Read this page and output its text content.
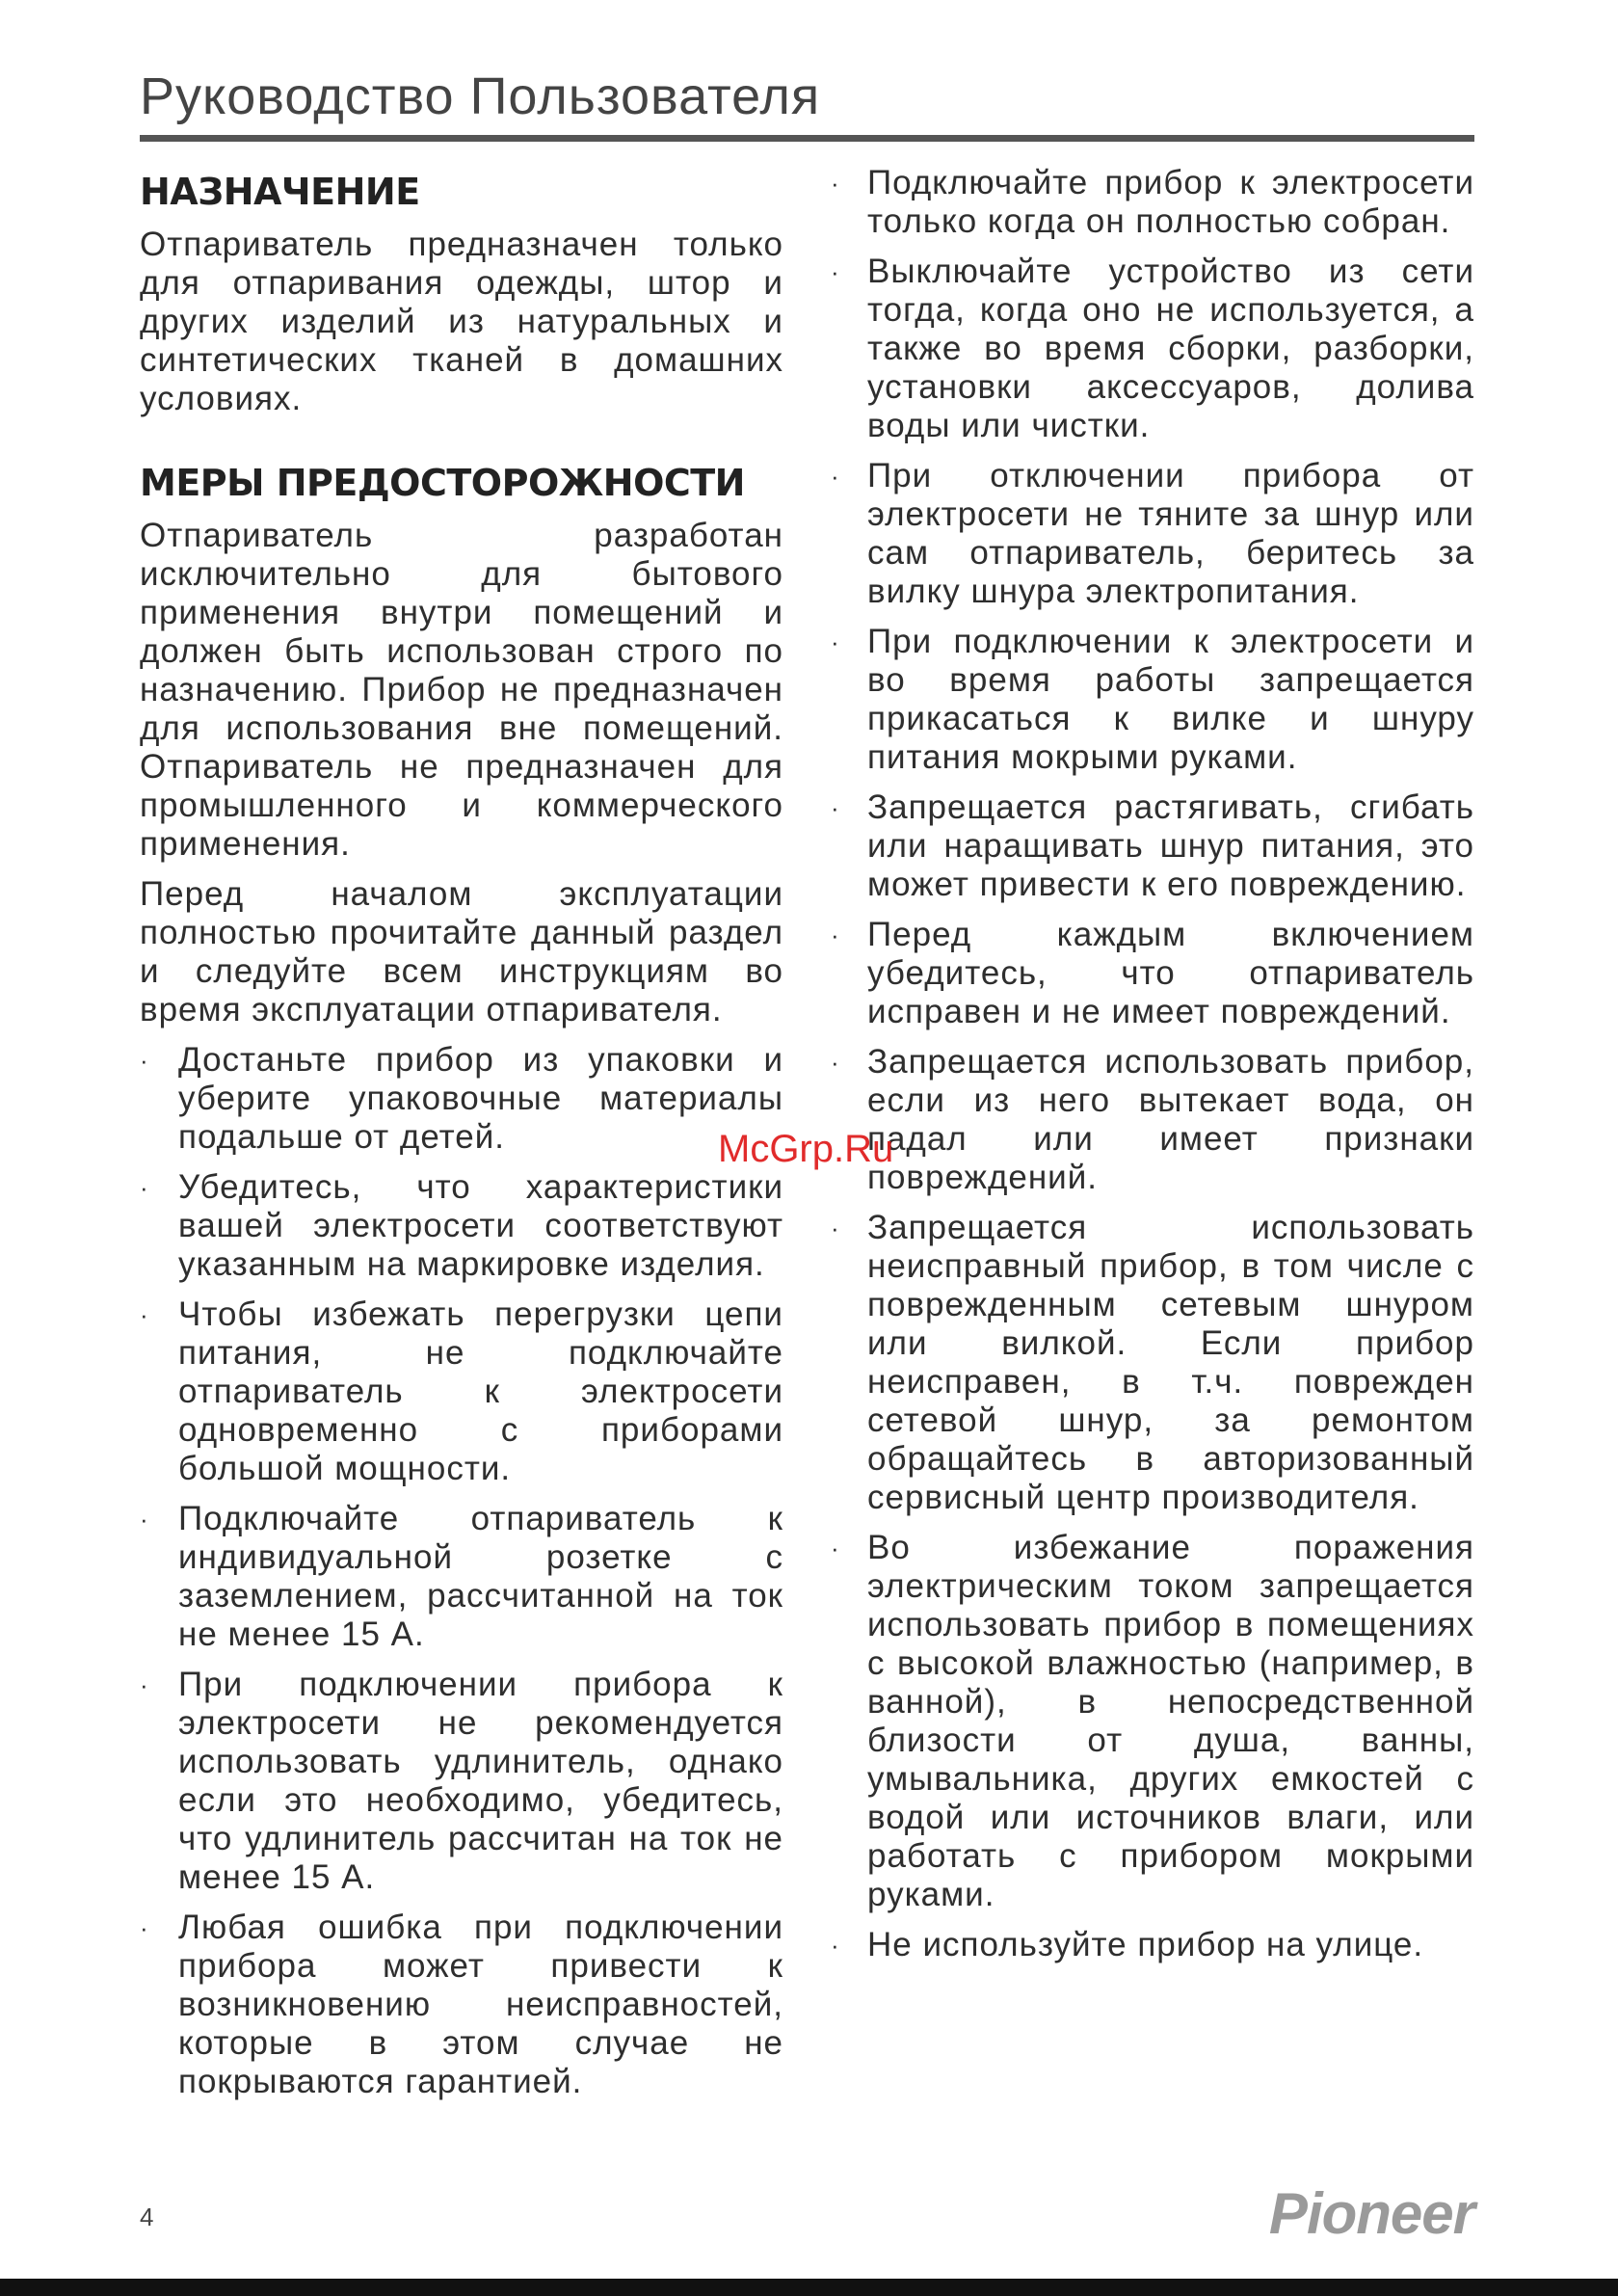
Руководство Пользователя
НАЗНАЧЕНИЕ

Отпариватель предназначен только для отпаривания одежды, штор и других изделий из натуральных и синтетических тканей в домашних условиях.

МЕРЫ ПРЕДОСТОРОЖНОСТИ

Отпариватель разработан исключительно для бытового применения внутри помещений и должен быть использован строго по назначению. Прибор не предназначен для использования вне помещений. Отпариватель не предназначен для промышленного и коммерческого применения.

Перед началом эксплуатации полностью прочитайте данный раздел и следуйте всем инструкциям во время эксплуатации отпаривателя.

· Достаньте прибор из упаковки и уберите упаковочные материалы подальше от детей.
· Убедитесь, что характеристики вашей электросети соответствуют указанным на маркировке изделия.
· Чтобы избежать перегрузки цепи питания, не подключайте отпариватель к электросети одновременно с приборами большой мощности.
· Подключайте отпариватель к индивидуальной розетке с заземлением, рассчитанной на ток не менее 15 А.
· При подключении прибора к электросети не рекомендуется использовать удлинитель, однако если это необходимо, убедитесь, что удлинитель рассчитан на ток не менее 15 А.
· Любая ошибка при подключении прибора может привести к возникновению неисправностей, которые в этом случае не покрываются гарантией.
· Подключайте прибор к электросети только когда он полностью собран.
· Выключайте устройство из сети тогда, когда оно не используется, а также во время сборки, разборки, установки аксессуаров, долива воды или чистки.
· При отключении прибора от электросети не тяните за шнур или сам отпариватель, беритесь за вилку шнура электропитания.
· При подключении к электросети и во время работы запрещается прикасаться к вилке и шнуру питания мокрыми руками.
· Запрещается растягивать, сгибать или наращивать шнур питания, это может привести к его повреждению.
· Перед каждым включением убедитесь, что отпариватель исправен и не имеет повреждений.
· Запрещается использовать прибор, если из него вытекает вода, он падал или имеет признаки повреждений.
· Запрещается использовать неисправный прибор, в том числе с поврежденным сетевым шнуром или вилкой. Если прибор неисправен, в т.ч. поврежден сетевой шнур, за ремонтом обращайтесь в авторизованный сервисный центр производителя.
· Во избежание поражения электрическим током запрещается использовать прибор в помещениях с высокой влажностью (например, в ванной), в непосредственной близости от душа, ванны, умывальника, других емкостей с водой или источников влаги, или работать с прибором мокрыми руками.
· Не используйте прибор на улице.
McGrp.Ru
4	Pioneer
